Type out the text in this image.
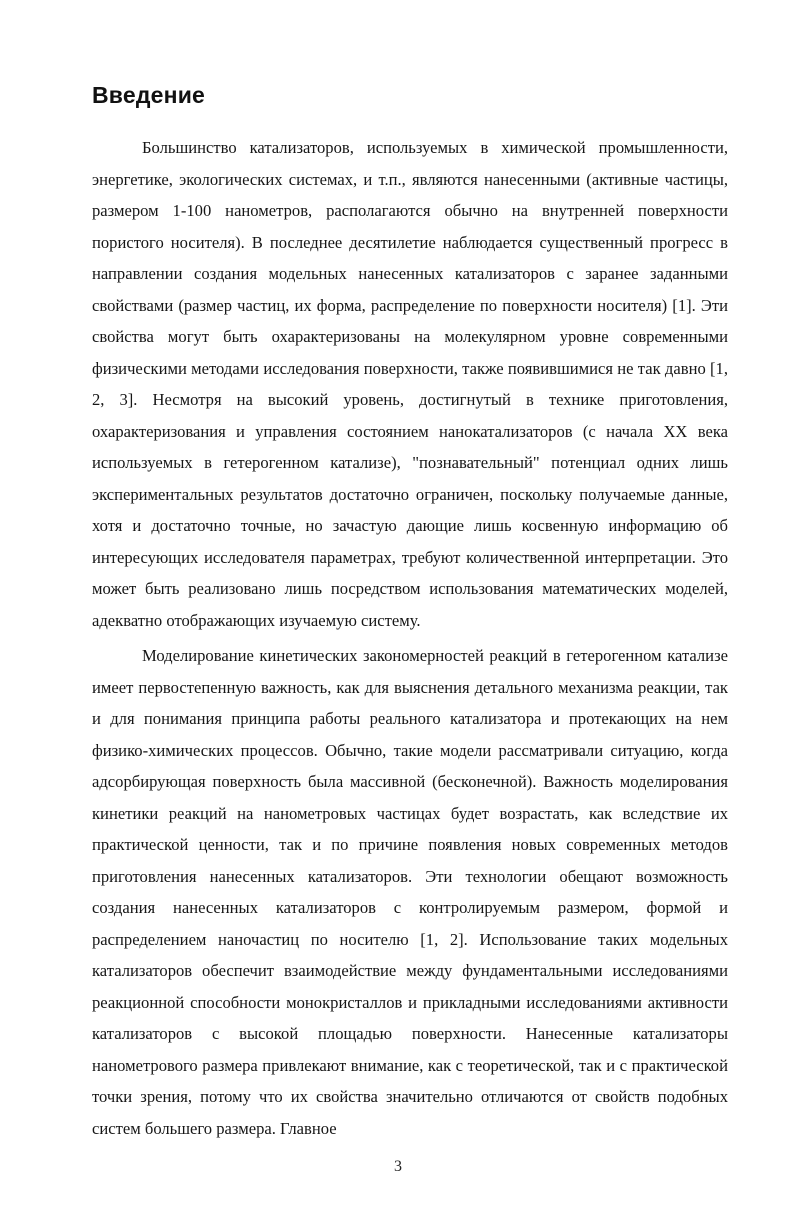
Введение

Большинство катализаторов, используемых в химической промышленности, энергетике, экологических системах, и т.п., являются нанесенными (активные частицы, размером 1-100 нанометров, располагаются обычно на внутренней поверхности пористого носителя). В последнее десятилетие наблюдается существенный прогресс в направлении создания модельных нанесенных катализаторов с заранее заданными свойствами (размер частиц, их форма, распределение по поверхности носителя) [1]. Эти свойства могут быть охарактеризованы на молекулярном уровне современными физическими методами исследования поверхности, также появившимися не так давно [1, 2, 3]. Несмотря на высокий уровень, достигнутый в технике приготовления, охарактеризования и управления состоянием нанокатализаторов (с начала XX века используемых в гетерогенном катализе), "познавательный" потенциал одних лишь экспериментальных результатов достаточно ограничен, поскольку получаемые данные, хотя и достаточно точные, но зачастую дающие лишь косвенную информацию об интересующих исследователя параметрах, требуют количественной интерпретации. Это может быть реализовано лишь посредством использования математических моделей, адекватно отображающих изучаемую систему.

Моделирование кинетических закономерностей реакций в гетерогенном катализе имеет первостепенную важность, как для выяснения детального механизма реакции, так и для понимания принципа работы реального катализатора и протекающих на нем физико-химических процессов. Обычно, такие модели рассматривали ситуацию, когда адсорбирующая поверхность была массивной (бесконечной). Важность моделирования кинетики реакций на нанометровых частицах будет возрастать, как вследствие их практической ценности, так и по причине появления новых современных методов приготовления нанесенных катализаторов. Эти технологии обещают возможность создания нанесенных катализаторов с контролируемым размером, формой и распределением наночастиц по носителю [1, 2]. Использование таких модельных катализаторов обеспечит взаимодействие между фундаментальными исследованиями реакционной способности монокристаллов и прикладными исследованиями активности катализаторов с высокой площадью поверхности. Нанесенные катализаторы нанометрового размера привлекают внимание, как с теоретической, так и с практической точки зрения, потому что их свойства значительно отличаются от свойств подобных систем большего размера. Главное

3
